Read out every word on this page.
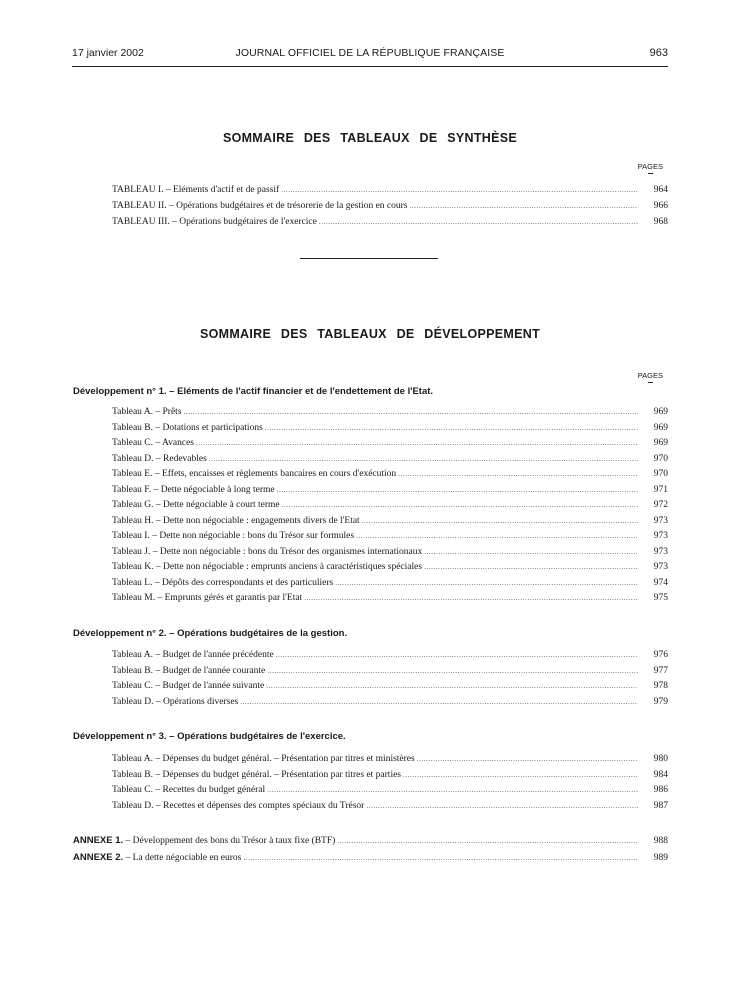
17 janvier 2002	JOURNAL OFFICIEL DE LA RÉPUBLIQUE FRANÇAISE	963
SOMMAIRE DES TABLEAUX DE SYNTHÈSE
PAGES
TABLEAU I. – Eléments d'actif et de passif .....	964
TABLEAU II. – Opérations budgétaires et de trésorerie de la gestion en cours .....	966
TABLEAU III. – Opérations budgétaires de l'exercice .....	968
SOMMAIRE DES TABLEAUX DE DÉVELOPPEMENT
PAGES
Développement n° 1. – Eléments de l'actif financier et de l'endettement de l'Etat.
Tableau A. – Prêts .....	969
Tableau B. – Dotations et participations .....	969
Tableau C. – Avances .....	969
Tableau D. – Redevables .....	970
Tableau E. – Effets, encaisses et règlements bancaires en cours d'exécution .....	970
Tableau F. – Dette négociable à long terme .....	971
Tableau G. – Dette négociable à court terme .....	972
Tableau H. – Dette non négociable : engagements divers de l'Etat .....	973
Tableau I. – Dette non négociable : bons du Trésor sur formules .....	973
Tableau J. – Dette non négociable : bons du Trésor des organismes internationaux .....	973
Tableau K. – Dette non négociable : emprunts anciens à caractéristiques spéciales .....	973
Tableau L. – Dépôts des correspondants et des particuliers .....	974
Tableau M. – Emprunts gérés et garantis par l'Etat .....	975
Développement n° 2. – Opérations budgétaires de la gestion.
Tableau A. – Budget de l'année précédente .....	976
Tableau B. – Budget de l'année courante .....	977
Tableau C. – Budget de l'année suivante .....	978
Tableau D. – Opérations diverses .....	979
Développement n° 3. – Opérations budgétaires de l'exercice.
Tableau A. – Dépenses du budget général. – Présentation par titres et ministères .....	980
Tableau B. – Dépenses du budget général. – Présentation par titres et parties .....	984
Tableau C. – Recettes du budget général .....	986
Tableau D. – Recettes et dépenses des comptes spéciaux du Trésor .....	987
ANNEXE 1. – Développement des bons du Trésor à taux fixe (BTF) .....	988
ANNEXE 2. – La dette négociable en euros .....	989
